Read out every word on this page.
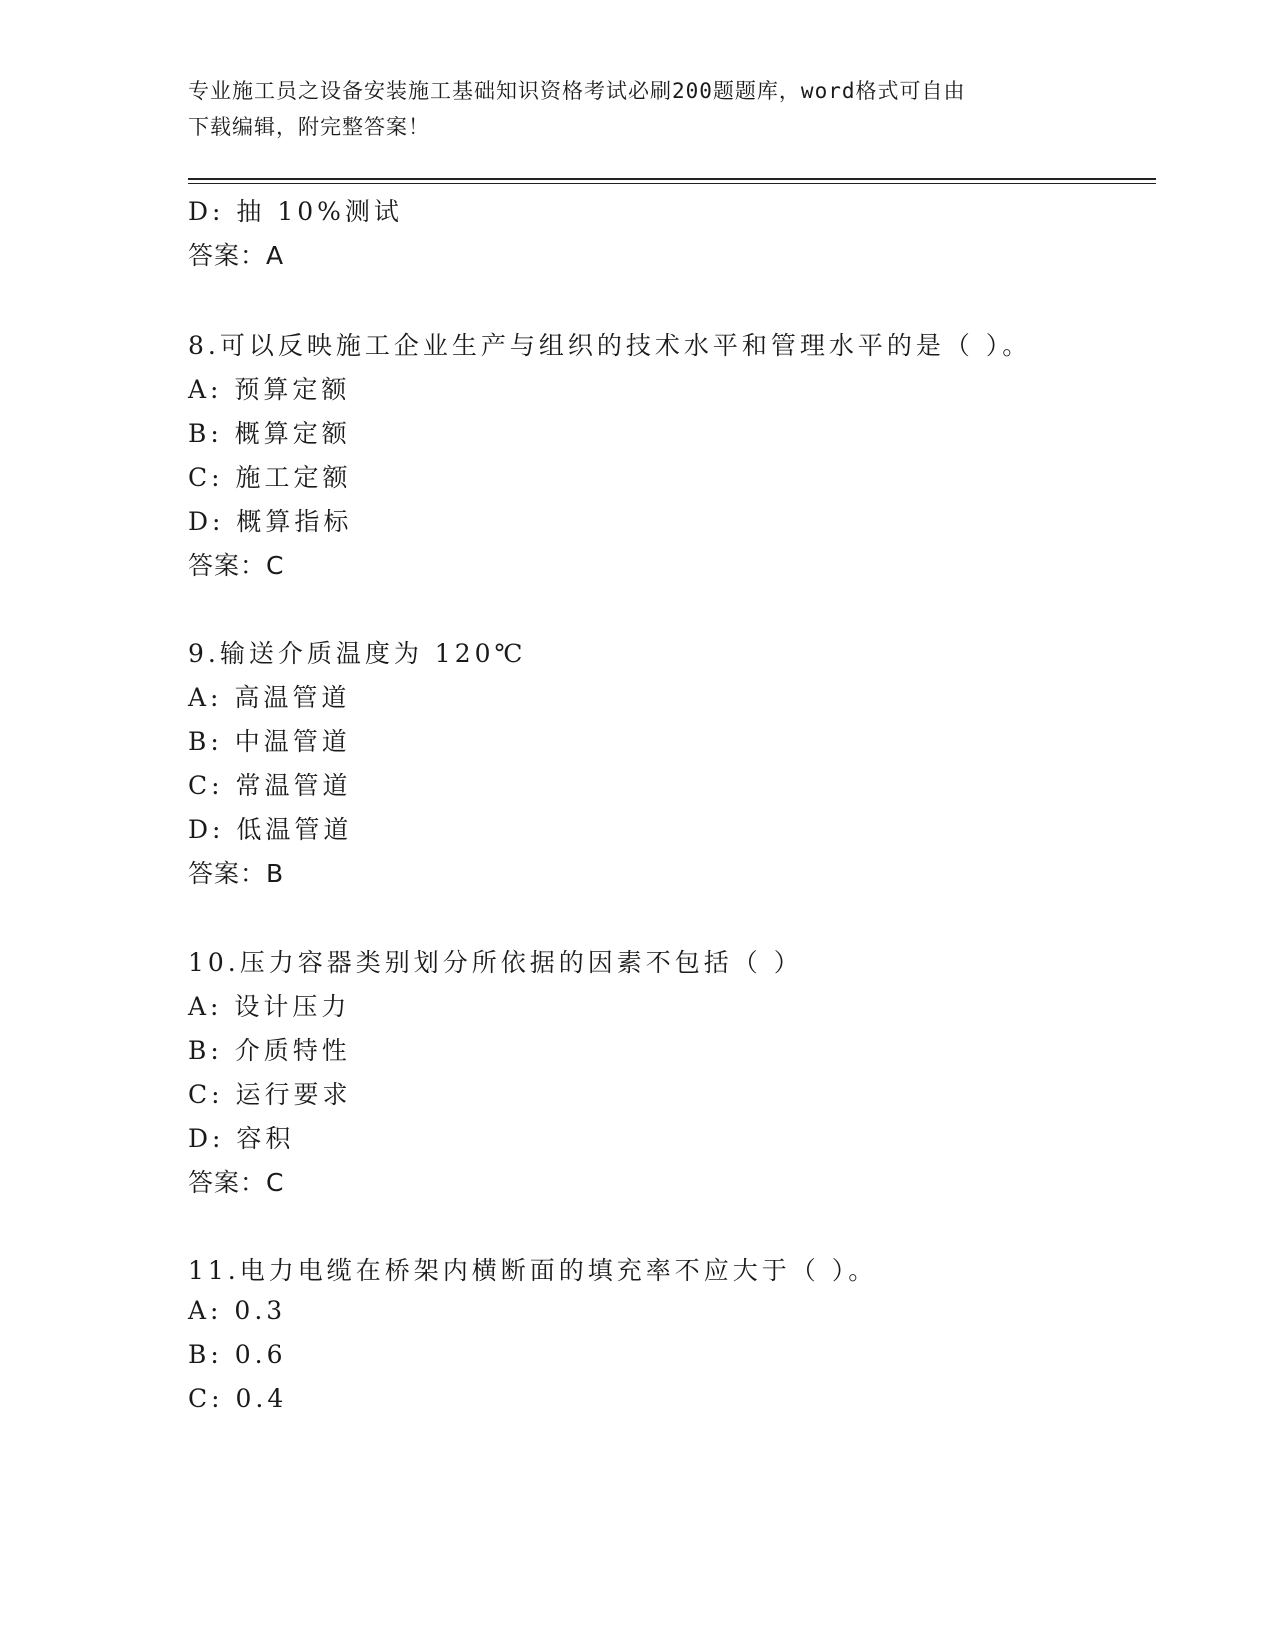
专业施工员之设备安装施工基础知识资格考试必刷200题题库，word格式可自由
下载编辑，附完整答案！
D: 抽 10%测试
答案：A
8.可以反映施工企业生产与组织的技术水平和管理水平的是（ ）。
A: 预算定额
B: 概算定额
C: 施工定额
D: 概算指标
答案：C
9.输送介质温度为 120℃
A: 高温管道
B: 中温管道
C: 常温管道
D: 低温管道
答案：B
10.压力容器类别划分所依据的因素不包括（ ）
A: 设计压力
B: 介质特性
C: 运行要求
D: 容积
答案：C
11.电力电缆在桥架内横断面的填充率不应大于（ ）。
A: 0.3
B: 0.6
C: 0.4
